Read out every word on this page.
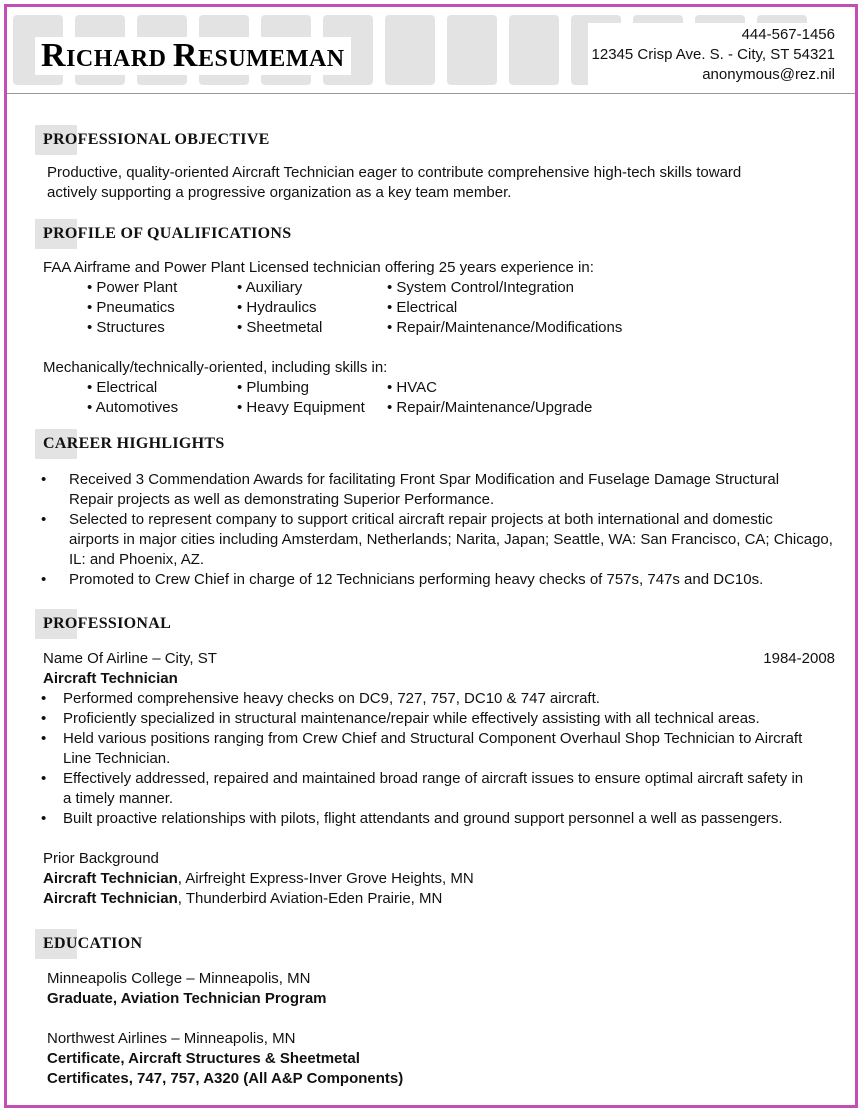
RICHARD RESUMEMAN
444-567-1456
12345 Crisp Ave. S. - City, ST 54321
anonymous@rez.nil
PROFESSIONAL OBJECTIVE
Productive, quality-oriented Aircraft Technician eager to contribute comprehensive high-tech skills toward
actively supporting a progressive organization as a key team member.
PROFILE OF QUALIFICATIONS
FAA Airframe and Power Plant Licensed technician offering 25 years experience in:
• Power Plant	• Auxiliary	• System Control/Integration
• Pneumatics	• Hydraulics	• Electrical
• Structures	• Sheetmetal	• Repair/Maintenance/Modifications
Mechanically/technically-oriented, including skills in:
• Electrical	• Plumbing	• HVAC
• Automotives	• Heavy Equipment	• Repair/Maintenance/Upgrade
CAREER HIGHLIGHTS
• Received 3 Commendation Awards for facilitating Front Spar Modification and Fuselage Damage Structural
Repair projects as well as demonstrating Superior Performance.
• Selected to represent company to support critical aircraft repair projects at both international and domestic
airports in major cities including Amsterdam, Netherlands; Narita, Japan; Seattle, WA: San Francisco, CA; Chicago,
IL: and Phoenix, AZ.
• Promoted to Crew Chief in charge of 12 Technicians performing heavy checks of 757s, 747s and DC10s.
PROFESSIONAL
Name Of Airline – City, ST	1984-2008
Aircraft Technician
• Performed comprehensive heavy checks on DC9, 727, 757, DC10 & 747 aircraft.
• Proficiently specialized in structural maintenance/repair while effectively assisting with all technical areas.
• Held various positions ranging from Crew Chief and Structural Component Overhaul Shop Technician to Aircraft
Line Technician.
• Effectively addressed, repaired and maintained broad range of aircraft issues to ensure optimal aircraft safety in
a timely manner.
• Built proactive relationships with pilots, flight attendants and ground support personnel a well as passengers.
Prior Background
Aircraft Technician, Airfreight Express-Inver Grove Heights, MN
Aircraft Technician, Thunderbird Aviation-Eden Prairie, MN
EDUCATION
Minneapolis College – Minneapolis, MN
Graduate, Aviation Technician Program
Northwest Airlines – Minneapolis, MN
Certificate, Aircraft Structures & Sheetmetal
Certificates, 747, 757, A320 (All A&P Components)
